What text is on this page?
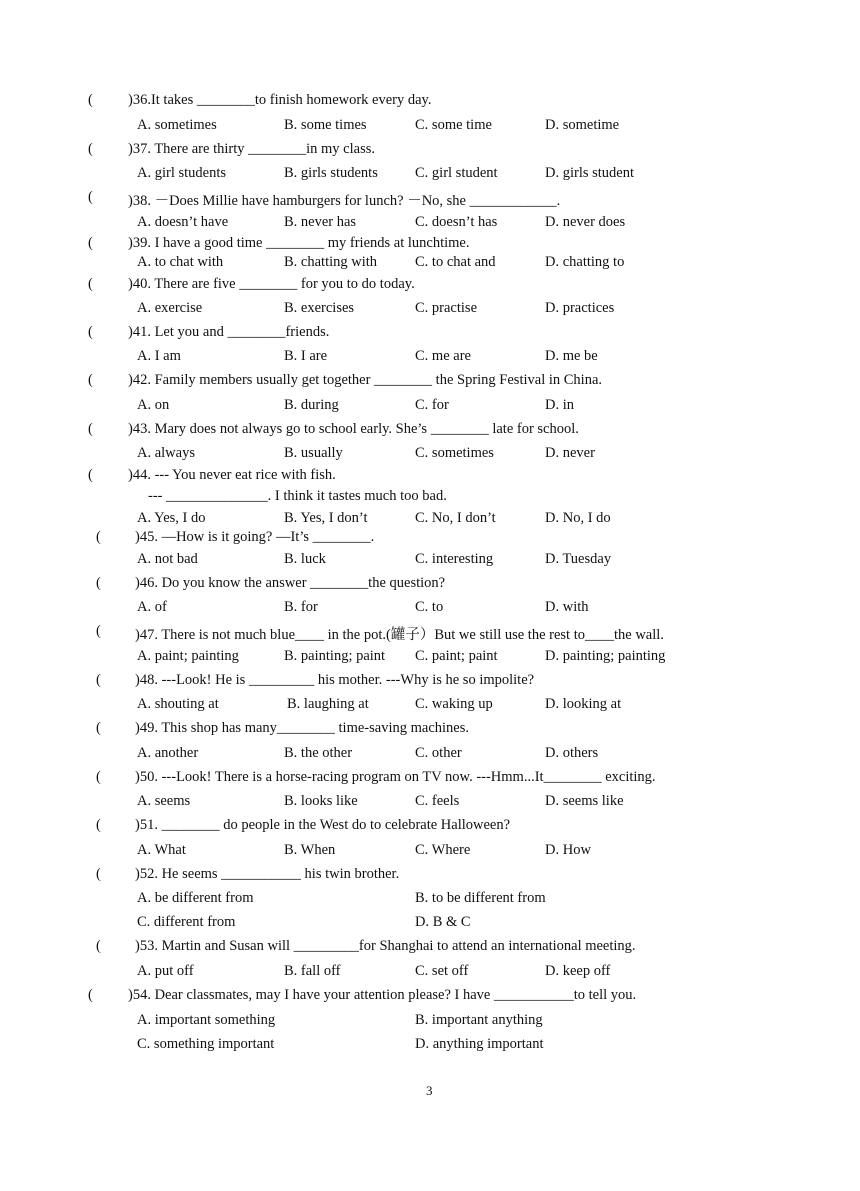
( )36.It takes ________to finish homework every day.
A. sometimes	B. some times	C. some time	D. sometime
( )37. There are thirty ________in my class.
A. girl students	B. girls students	C. girl student	D. girls student
( )38. －Does Millie have hamburgers for lunch? －No, she ____________.
A. doesn’t have	B. never has	C. doesn’t has	D. never does
( )39. I have a good time ________ my friends at lunchtime.
A. to chat with	B. chatting with	C. to chat and	D. chatting to
( )40. There are five ________ for you to do today.
A. exercise	B. exercises	C. practise	D. practices
( )41. Let you and ________friends.
A. I am	B. I are	C. me are	D. me be
( )42. Family members usually get together ________ the Spring Festival in China.
A. on	B. during	C. for	D. in
( )43. Mary does not always go to school early. She’s ________ late for school.
A. always	B. usually	C. sometimes	D. never
( )44. --- You never eat rice with fish.
--- ______________. I think it tastes much too bad.
A. Yes, I do	B. Yes, I don’t	C. No, I don’t	D. No, I do
( )45. —How is it going? —It’s ________.
A. not bad	B. luck	C. interesting	D. Tuesday
( )46. Do you know the answer ________the question?
A. of	B. for	C. to	D. with
( )47. There is not much blue____ in the pot.(罐子）But we still use the rest to____the wall.
A. paint; painting	B. painting; paint C. paint; paint	D. painting; painting
( )48. ---Look! He is _________ his mother. ---Why is he so impolite?
A. shouting at	B. laughing at	C. waking up	D. looking at
( )49. This shop has many________ time-saving machines.
A. another	B. the other	C. other	D. others
( )50. ---Look! There is a horse-racing program on TV now. ---Hmm...It________ exciting.
A. seems	B. looks like	C. feels	D. seems like
( )51. ________ do people in the West do to celebrate Halloween?
A. What	B. When	C. Where	D. How
( )52. He seems ___________ his twin brother.
A. be different from	B. to be different from
C. different from	D. B & C
( )53. Martin and Susan will _________for Shanghai to attend an international meeting.
A. put off	B. fall off	C. set off	D. keep off
( )54. Dear classmates, may I have your attention please? I have ___________to tell you.
A. important something	B. important anything
C. something important	D. anything important
3
